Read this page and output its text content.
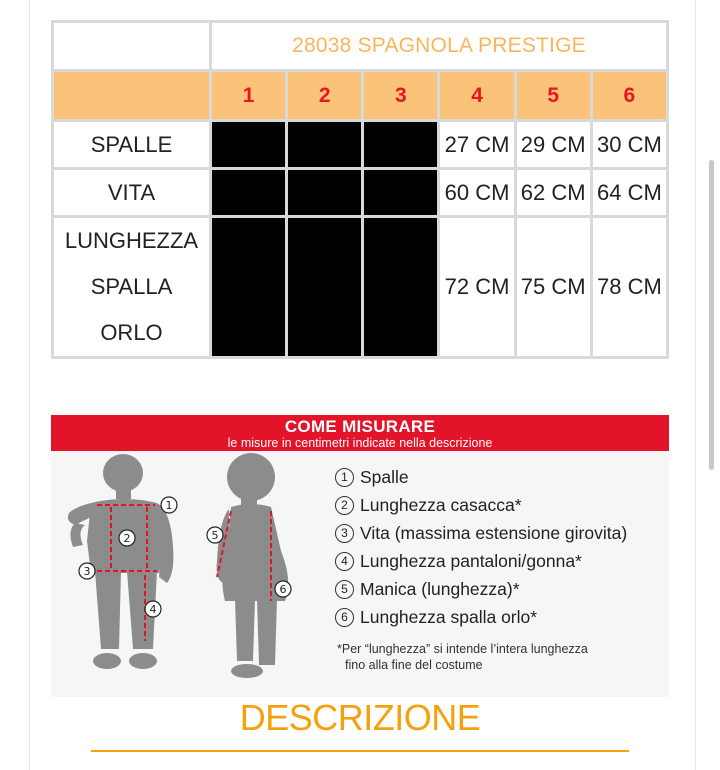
	28038 SPAGNOLA PRESTIGE					
	1	2	3	4	5	6
SPALLE				27 CM	29 CM	30 CM
VITA				60 CM	62 CM	64 CM

LUNGHEZZA
SPALLA
ORLO				72 CM	75 CM	78 CM
COME MISURARE
le misure in centimetri indicate nella descrizione
1
2
3
4
5
6
1 Spalle
2 Lunghezza casacca*
3 Vita (massima estensione girovita)
4 Lunghezza pantaloni/gonna*
5 Manica (lunghezza)*
6 Lunghezza spalla orlo*
*Per “lunghezza” si intende l’intera lunghezza
fino alla fine del costume
DESCRIZIONE
